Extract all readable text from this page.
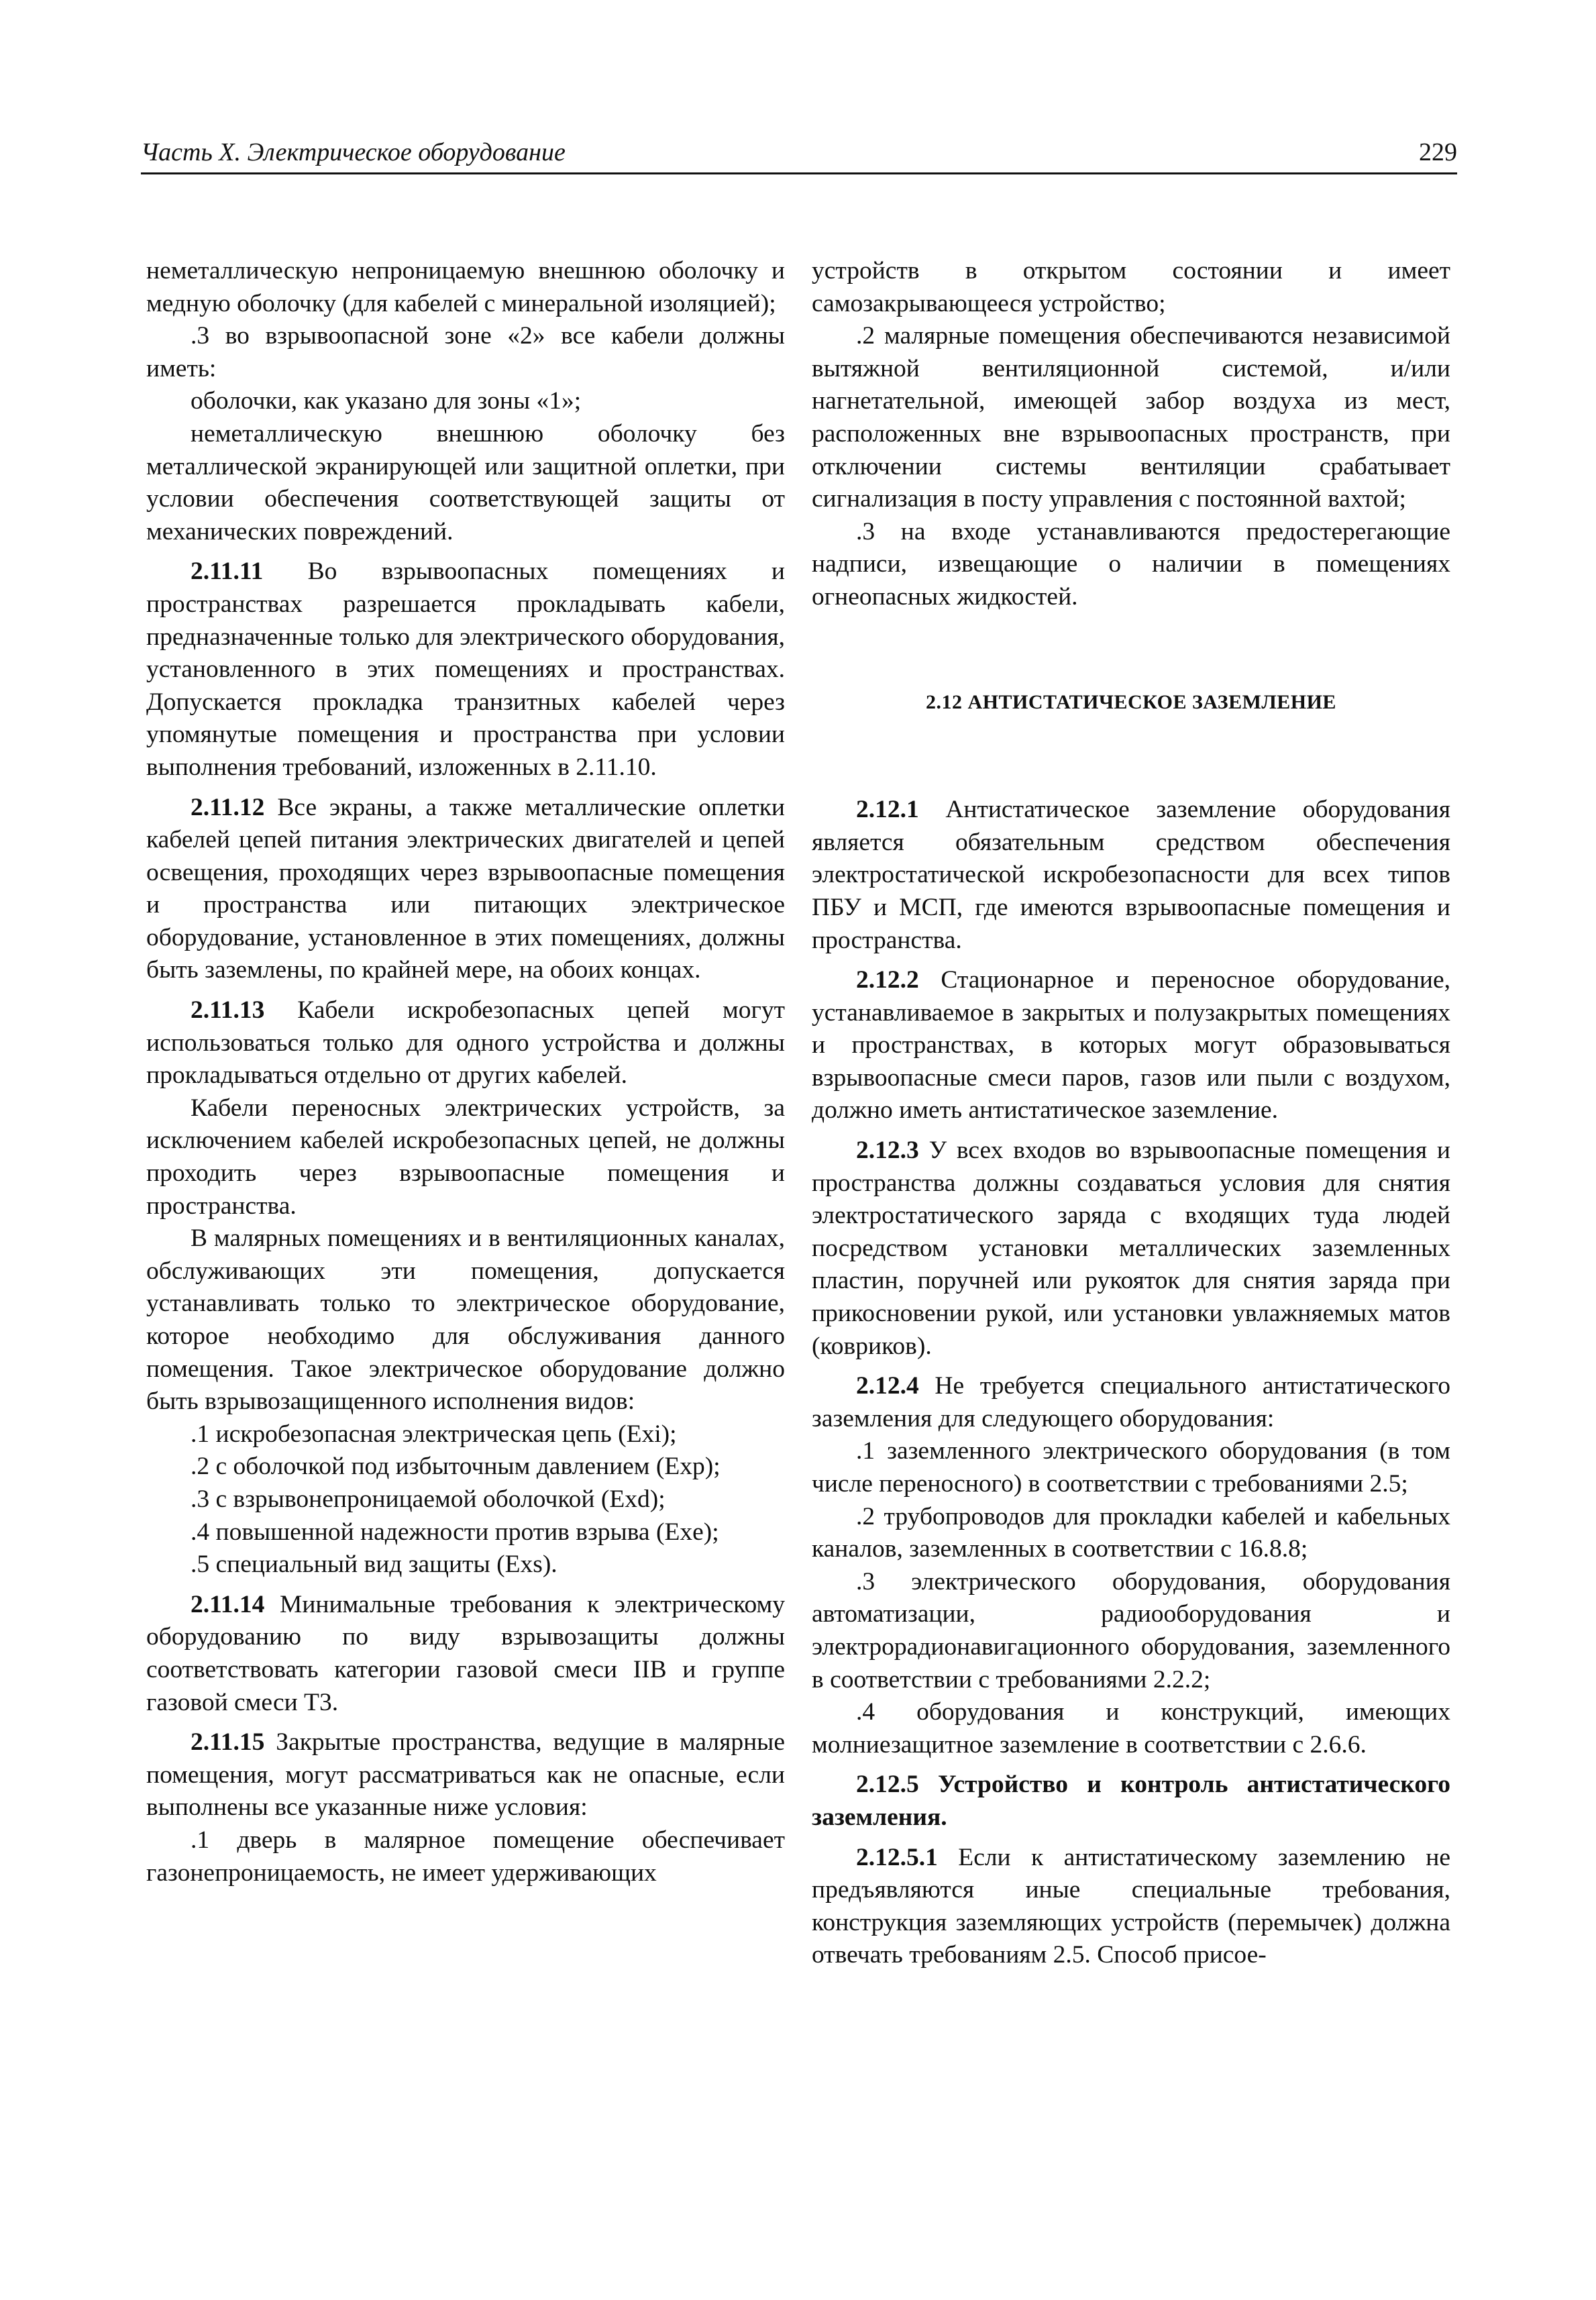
Часть X. Электрическое оборудование	229

неметаллическую непроницаемую внешнюю оболочку и медную оболочку (для кабелей с минеральной изоляцией);

.3 во взрывоопасной зоне «2» все кабели должны иметь:

оболочки, как указано для зоны «1»;

неметаллическую внешнюю оболочку без металлической экранирующей или защитной оплетки, при условии обеспечения соответствующей защиты от механических повреждений.

2.11.11 Во взрывоопасных помещениях и пространствах разрешается прокладывать кабели, предназначенные только для электрического оборудования, установленного в этих помещениях и пространствах. Допускается прокладка транзитных кабелей через упомянутые помещения и пространства при условии выполнения требований, изложенных в 2.11.10.

2.11.12 Все экраны, а также металлические оплетки кабелей цепей питания электрических двигателей и цепей освещения, проходящих через взрывоопасные помещения и пространства или питающих электрическое оборудование, установленное в этих помещениях, должны быть заземлены, по крайней мере, на обоих концах.

2.11.13 Кабели искробезопасных цепей могут использоваться только для одного устройства и должны прокладываться отдельно от других кабелей.

Кабели переносных электрических устройств, за исключением кабелей искробезопасных цепей, не должны проходить через взрывоопасные помещения и пространства.

В малярных помещениях и в вентиляционных каналах, обслуживающих эти помещения, допускается устанавливать только то электрическое оборудование, которое необходимо для обслуживания данного помещения. Такое электрическое оборудование должно быть взрывозащищенного исполнения видов:

.1 искробезопасная электрическая цепь (Exi);

.2 с оболочкой под избыточным давлением (Exp);

.3 с взрывонепроницаемой оболочкой (Exd);

.4 повышенной надежности против взрыва (Exe);

.5 специальный вид защиты (Exs).

2.11.14 Минимальные требования к электрическому оборудованию по виду взрывозащиты должны соответствовать категории газовой смеси IIB и группе газовой смеси T3.

2.11.15 Закрытые пространства, ведущие в малярные помещения, могут рассматриваться как не опасные, если выполнены все указанные ниже условия:

.1 дверь в малярное помещение обеспечивает газонепроницаемость, не имеет удерживающих

устройств в открытом состоянии и имеет самозакрывающееся устройство;

.2 малярные помещения обеспечиваются независимой вытяжной вентиляционной системой, и/или нагнетательной, имеющей забор воздуха из мест, расположенных вне взрывоопасных пространств, при отключении системы вентиляции срабатывает сигнализация в посту управления с постоянной вахтой;

.3 на входе устанавливаются предостерегающие надписи, извещающие о наличии в помещениях огнеопасных жидкостей.

2.12 АНТИСТАТИЧЕСКОЕ ЗАЗЕМЛЕНИЕ

2.12.1 Антистатическое заземление оборудования является обязательным средством обеспечения электростатической искробезопасности для всех типов ПБУ и МСП, где имеются взрывоопасные помещения и пространства.

2.12.2 Стационарное и переносное оборудование, устанавливаемое в закрытых и полузакрытых помещениях и пространствах, в которых могут образовываться взрывоопасные смеси паров, газов или пыли с воздухом, должно иметь антистатическое заземление.

2.12.3 У всех входов во взрывоопасные помещения и пространства должны создаваться условия для снятия электростатического заряда с входящих туда людей посредством установки металлических заземленных пластин, поручней или рукояток для снятия заряда при прикосновении рукой, или установки увлажняемых матов (ковриков).

2.12.4 Не требуется специального антистатического заземления для следующего оборудования:

.1 заземленного электрического оборудования (в том числе переносного) в соответствии с требованиями 2.5;

.2 трубопроводов для прокладки кабелей и кабельных каналов, заземленных в соответствии с 16.8.8;

.3 электрического оборудования, оборудования автоматизации, радиооборудования и электрорадионавигационного оборудования, заземленного в соответствии с требованиями 2.2.2;

.4 оборудования и конструкций, имеющих молниезащитное заземление в соответствии с 2.6.6.

2.12.5 Устройство и контроль антистатического заземления.

2.12.5.1 Если к антистатическому заземлению не предъявляются иные специальные требования, конструкция заземляющих устройств (перемычек) должна отвечать требованиям 2.5. Способ присое-
